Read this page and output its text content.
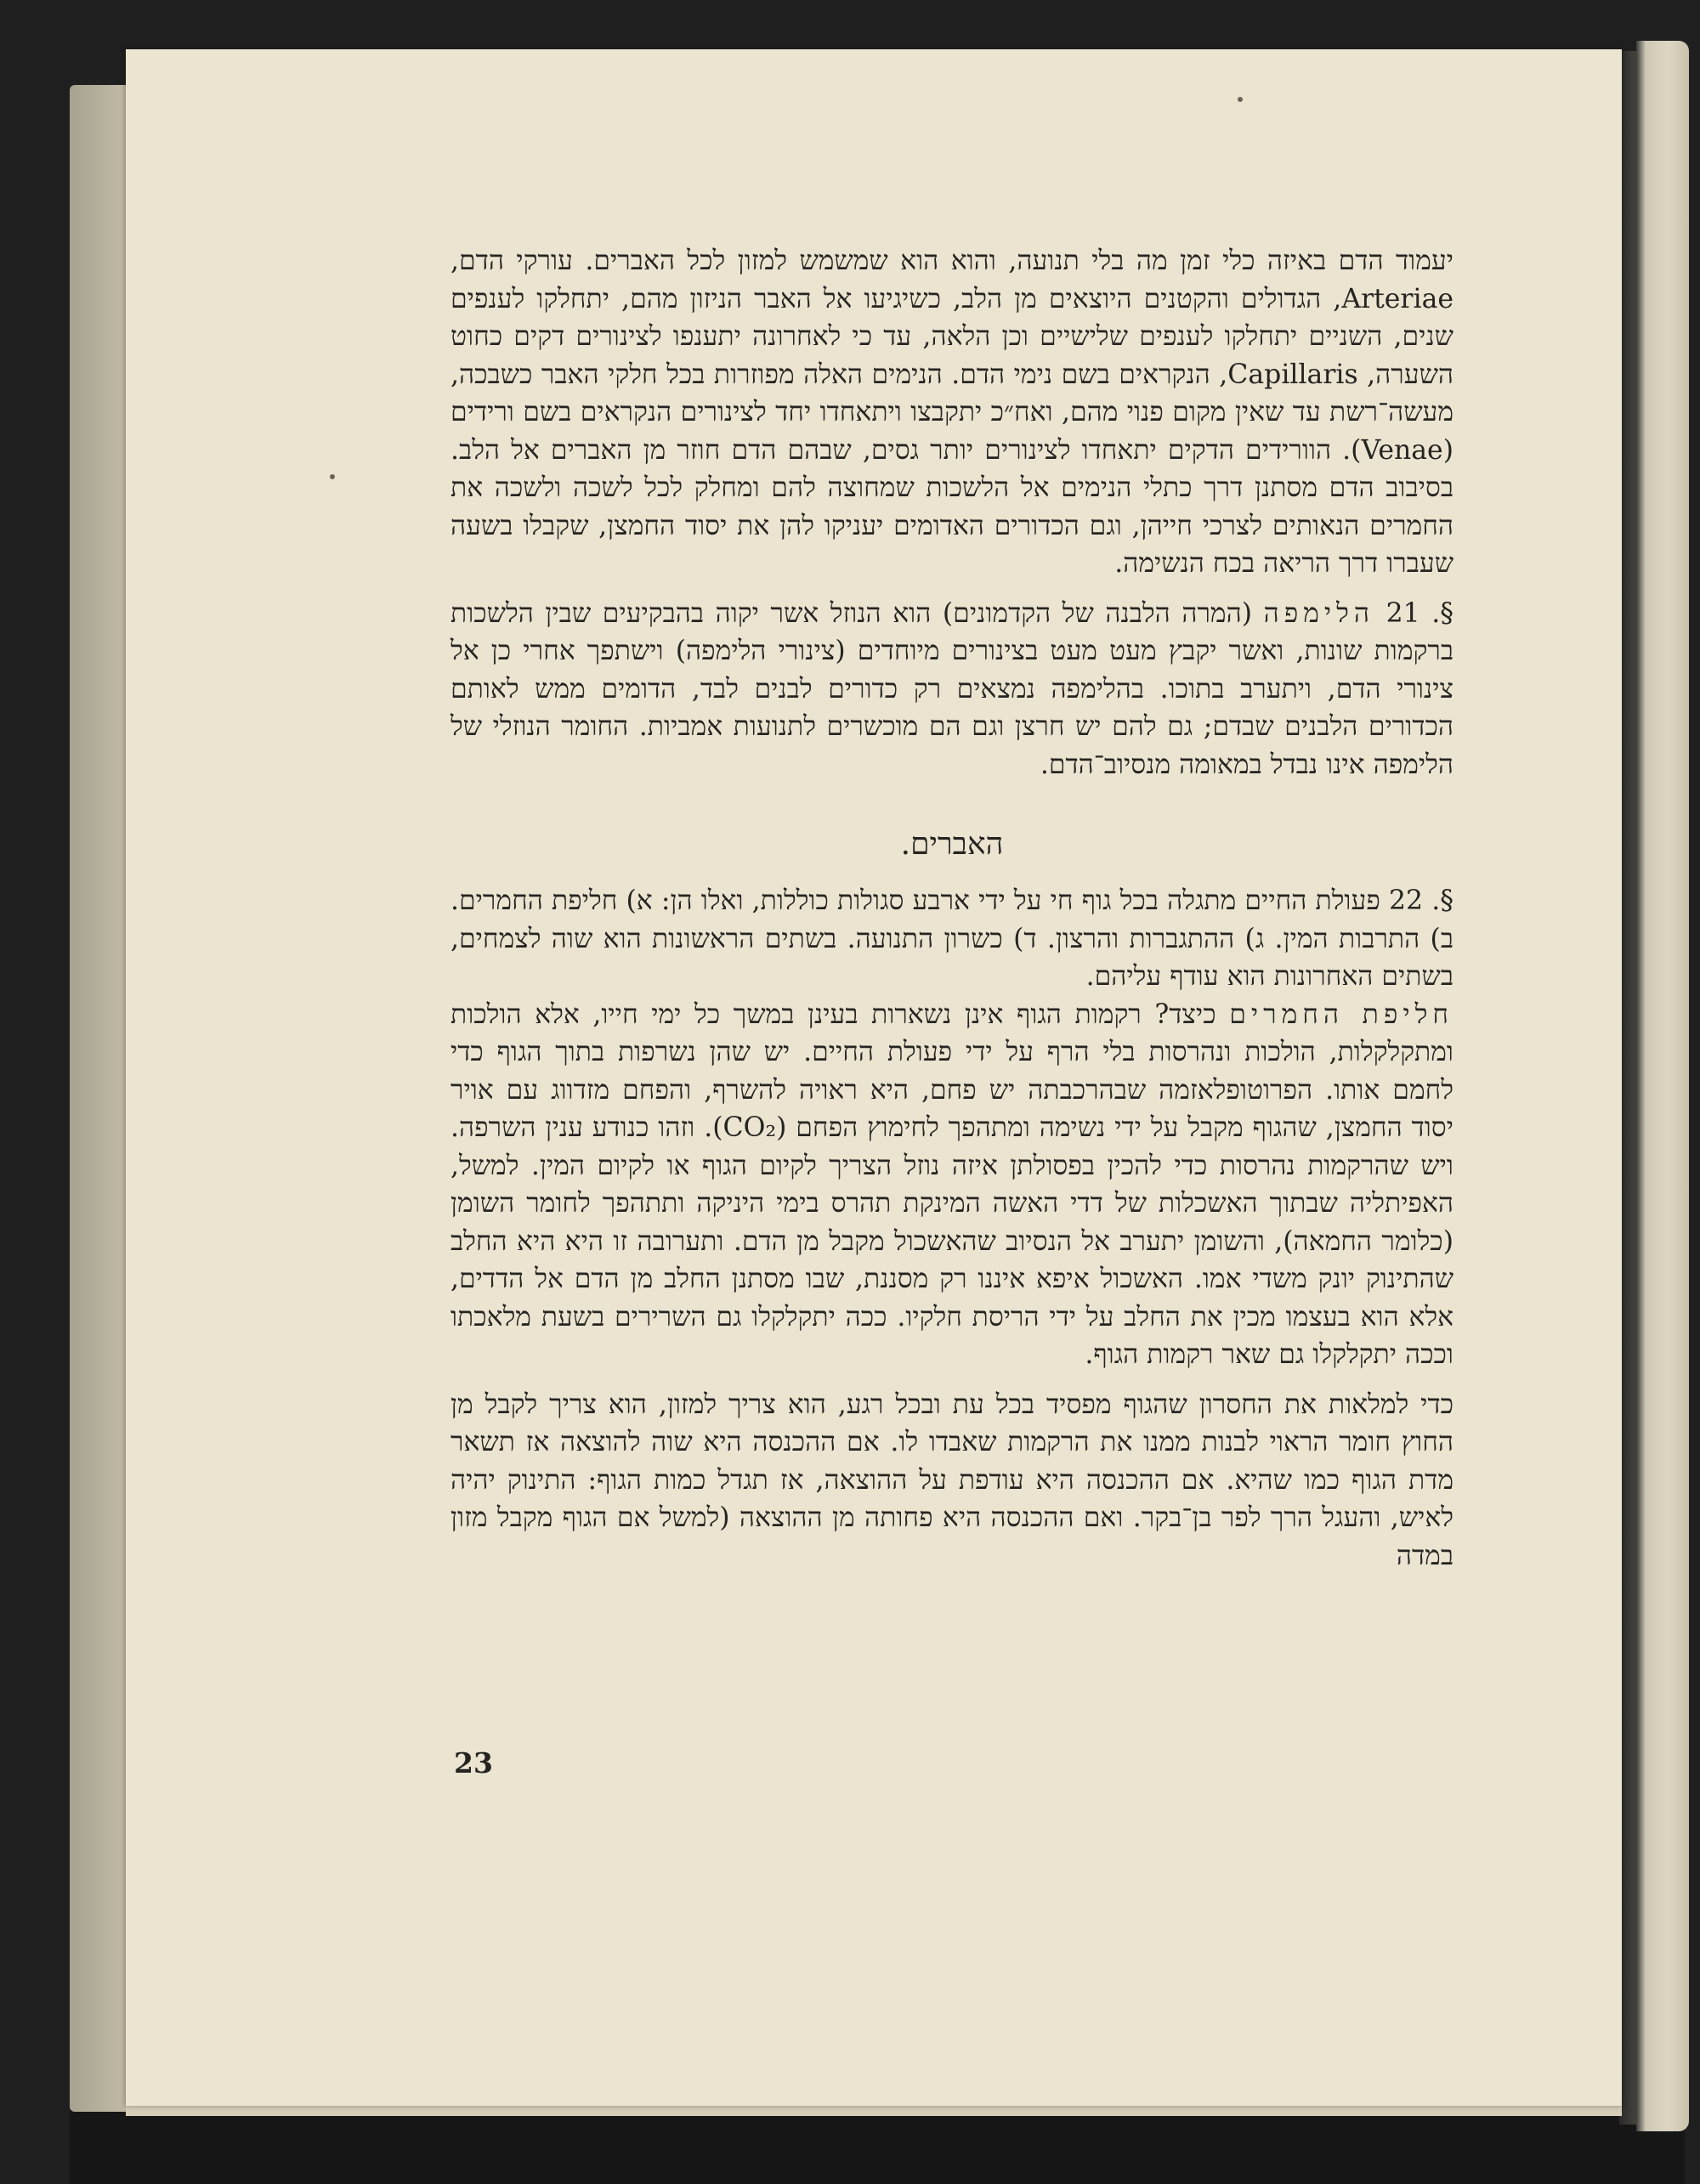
יעמוד הדם באיזה כלי זמן מה בלי תנועה, והוא הוא שמשמש למזון לכל האברים. עורקי הדם, Arteriae, הגדולים והקטנים היוצאים מן הלב, כשיגיעו אל האבר הניזון מהם, יתחלקו לענפים שנים, השניים יתחלקו לענפים שלישיים וכן הלאה, עד כי לאחרונה יתענפו לצינורים דקים כחוט השערה, Capillaris, הנקראים בשם נימי הדם. הנימים האלה מפוזרות בכל חלקי האבר כשבכה, מעשה־רשת עד שאין מקום פנוי מהם, ואח״כ יתקבצו ויתאחדו יחד לצינורים הנקראים בשם ורידים (Venae). הוורידים הדקים יתאחדו לצינורים יותר גסים, שבהם הדם חוזר מן האברים אל הלב. בסיבוב הדם מסתנן דרך כתלי הנימים אל הלשכות שמחוצה להם ומחלק לכל לשכה ולשכה את החמרים הנאותים לצרכי חייהן, וגם הכדורים האדומים יעניקו להן את יסוד החמצן, שקבלו בשעה שעברו דרך הריאה בכח הנשימה.

§. 21 הלימפה (המרה הלבנה של הקדמונים) הוא הנוזל אשר יקוה בהבקיעים שבין הלשכות ברקמות שונות, ואשר יקבץ מעט מעט בצינורים מיוחדים (צינורי הלימפה) וישתפך אחרי כן אל צינורי הדם, ויתערב בתוכו. בהלימפה נמצאים רק כדורים לבנים לבד, הדומים ממש לאותם הכדורים הלבנים שבדם; גם להם יש חרצן וגם הם מוכשרים לתנועות אמביות. החומר הנוזלי של הלימפה אינו נבדל במאומה מנסיוב־הדם.

האברים.

§. 22 פעולת החיים מתגלה בכל גוף חי על ידי ארבע סגולות כוללות, ואלו הן: א) חליפת החמרים. ב) התרבות המין. ג) ההתגברות והרצון. ד) כשרון התנועה. בשתים הראשונות הוא שוה לצמחים, בשתים האחרונות הוא עודף עליהם.

חליפת החמרים כיצד? רקמות הגוף אינן נשארות בעינן במשך כל ימי חייו, אלא הולכות ומתקלקלות, הולכות ונהרסות בלי הרף על ידי פעולת החיים. יש שהן נשרפות בתוך הגוף כדי לחמם אותו. הפרוטופלאזמה שבהרכבתה יש פחם, היא ראויה להשרף, והפחם מזדווג עם אויר יסוד החמצן, שהגוף מקבל על ידי נשימה ומתהפך לחימוץ הפחם (CO₂). וזהו כנודע ענין השרפה. ויש שהרקמות נהרסות כדי להכין בפסולתן איזה נוזל הצריך לקיום הגוף או לקיום המין. למשל, האפיתליה שבתוך האשכלות של דדי האשה המינקת תהרס בימי היניקה ותתהפך לחומר השומן (כלומר החמאה), והשומן יתערב אל הנסיוב שהאשכול מקבל מן הדם. ותערובה זו היא היא החלב שהתינוק יונק משדי אמו. האשכול איפא איננו רק מסננת, שבו מסתנן החלב מן הדם אל הדדים, אלא הוא בעצמו מכין את החלב על ידי הריסת חלקיו. ככה יתקלקלו גם השרירים בשעת מלאכתו וככה יתקלקלו גם שאר רקמות הגוף.

כדי למלאות את החסרון שהגוף מפסיד בכל עת ובכל רגע, הוא צריך למזון, הוא צריך לקבל מן החוץ חומר הראוי לבנות ממנו את הרקמות שאבדו לו. אם ההכנסה היא שוה להוצאה אז תשאר מדת הגוף כמו שהיא. אם ההכנסה היא עודפת על ההוצאה, אז תגדל כמות הגוף: התינוק יהיה לאיש, והעגל הרך לפר בן־בקר. ואם ההכנסה היא פחותה מן ההוצאה (למשל אם הגוף מקבל מזון במדה

23
